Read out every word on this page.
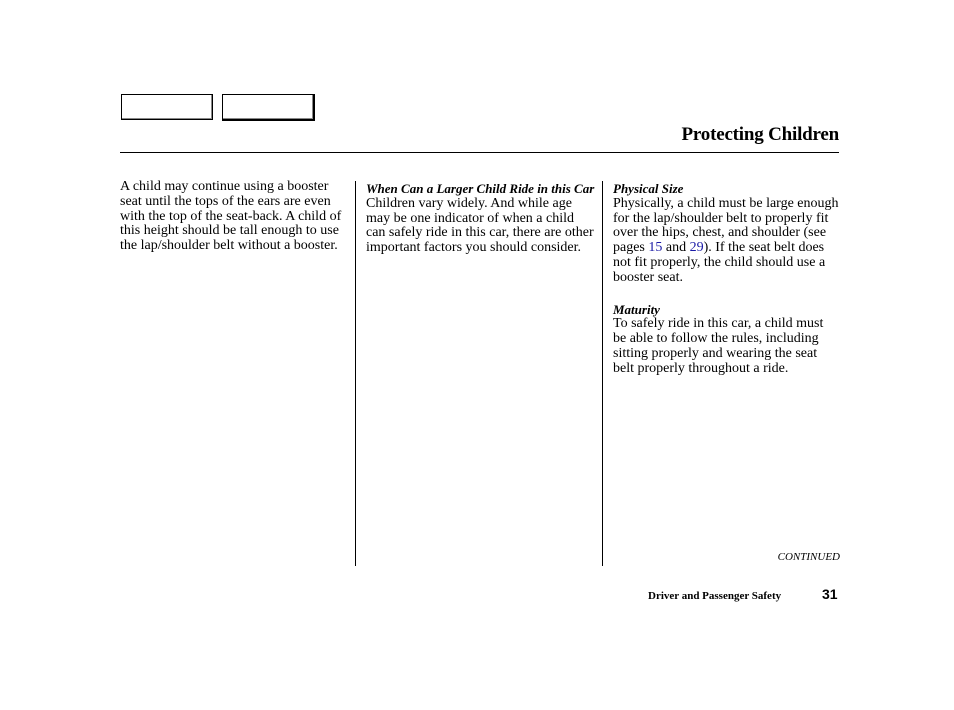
Protecting Children
A child may continue using a booster seat until the tops of the ears are even with the top of the seat-back. A child of this height should be tall enough to use the lap/shoulder belt without a booster.
When Can a Larger Child Ride in this Car
Children vary widely. And while age may be one indicator of when a child can safely ride in this car, there are other important factors you should consider.
Physical Size
Physically, a child must be large enough for the lap/shoulder belt to properly fit over the hips, chest, and shoulder (see pages 15 and 29). If the seat belt does not fit properly, the child should use a booster seat.
Maturity
To safely ride in this car, a child must be able to follow the rules, including sitting properly and wearing the seat belt properly throughout a ride.
CONTINUED
Driver and Passenger Safety	31
